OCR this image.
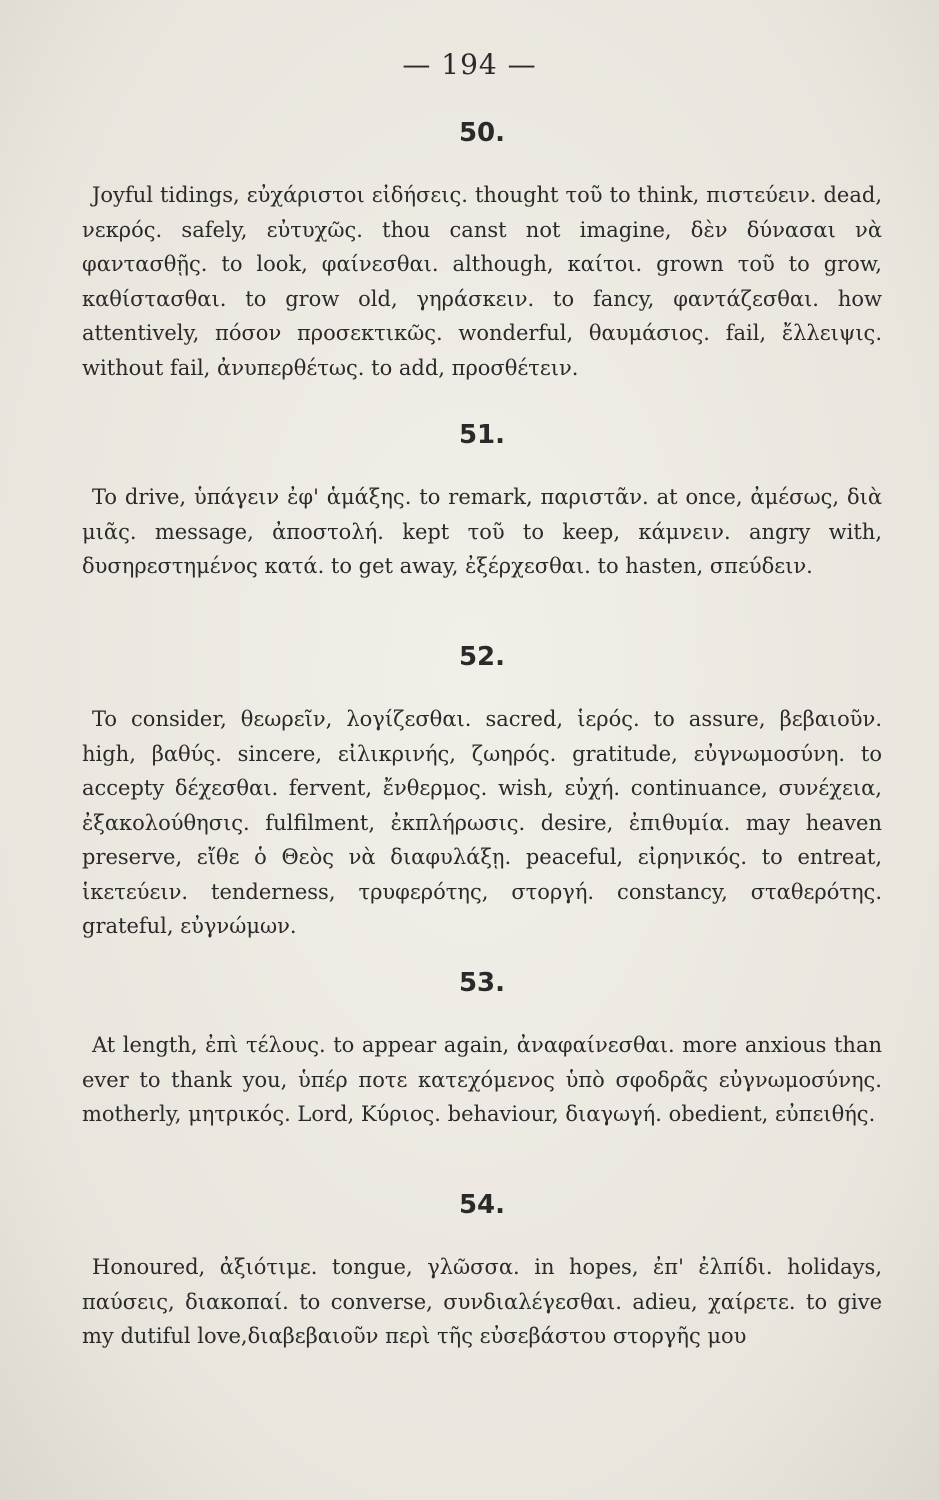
— 194 —
50.

Joyful tidings, εὐχάριστοι εἰδήσεις. thought τοῦ to think, πιστεύειν. dead, νεκρός. safely, εὐτυχῶς. thou canst not imagine, δὲν δύνασαι νὰ φαντασθῇς. to look, φαίνεσθαι. although, καίτοι. grown τοῦ to grow, καθίστασθαι. to grow old, γηράσκειν. to fancy, φαντάζεσθαι. how attentively, πόσον προσεκτικῶς. wonderful, θαυμάσιος. fail, ἔλλειψις. without fail, ἀνυπερθέτως. to add, προσθέτειν.

51.

To drive, ὑπάγειν ἐφ' ἁμάξης. to remark, παριστᾶν. at once, ἀμέσως, διὰ μιᾶς. message, ἀποστολή. kept τοῦ to keep, κάμνειν. angry with, δυσηρεστημένος κατά. to get away, ἐξέρχεσθαι. to hasten, σπεύδειν.

52.

To consider, θεωρεῖν, λογίζεσθαι. sacred, ἱερός. to assure, βεβαιοῦν. high, βαθύς. sincere, εἰλικρινής, ζωηρός. gratitude, εὐγνωμοσύνη. to accepty δέχεσθαι. fervent, ἔνθερμος. wish, εὐχή. continuance, συνέχεια, ἐξακολούθησις. fulfilment, ἐκπλήρωσις. desire, ἐπιθυμία. may heaven preserve, εἴθε ὁ Θεὸς νὰ διαφυλάξῃ. peaceful, εἰρηνικός. to entreat, ἱκετεύειν. tenderness, τρυφερότης, στοργή. constancy, σταθερότης. grateful, εὐγνώμων.

53.

At length, ἐπὶ τέλους. to appear again, ἀναφαίνεσθαι. more anxious than ever to thank you, ὑπέρ ποτε κατεχόμενος ὑπὸ σφοδρᾶς εὐγνωμοσύνης. motherly, μητρικός. Lord, Κύριος. behaviour, διαγωγή. obedient, εὐπειθής.

54.

Honoured, ἀξιότιμε. tongue, γλῶσσα. in hopes, ἐπ' ἐλπίδι. holidays, παύσεις, διακοπαί. to converse, συνδιαλέγεσθαι. adieu, χαίρετε. to give my dutiful love,διαβεβαιοῦν περὶ τῆς εὐσεβάστου στοργῆς μου
